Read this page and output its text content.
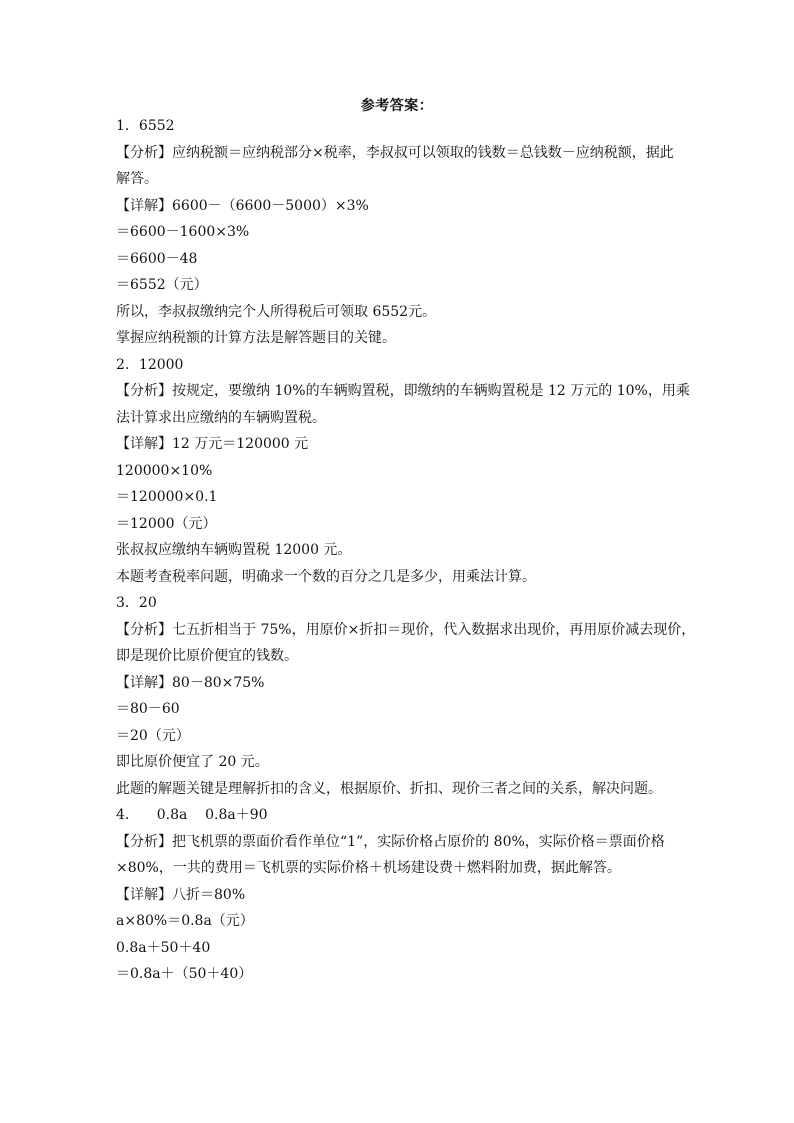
参考答案：
1．6552
【分析】应纳税额＝应纳税部分×税率，李叔叔可以领取的钱数＝总钱数－应纳税额，据此
解答。
【详解】6600－（6600－5000）×3%
＝6600－1600×3%
＝6600－48
＝6552（元）
所以，李叔叔缴纳完个人所得税后可领取 6552元。
掌握应纳税额的计算方法是解答题目的关键。
2．12000
【分析】按规定，要缴纳 10%的车辆购置税，即缴纳的车辆购置税是 12 万元的 10%，用乘
法计算求出应缴纳的车辆购置税。
【详解】12 万元＝120000 元
120000×10%
＝120000×0.1
＝12000（元）
张叔叔应缴纳车辆购置税 12000 元。
本题考查税率问题，明确求一个数的百分之几是多少，用乘法计算。
3．20
【分析】七五折相当于 75%，用原价×折扣＝现价，代入数据求出现价，再用原价减去现价，
即是现价比原价便宜的钱数。
【详解】80－80×75%
＝80－60
＝20（元）
即比原价便宜了 20 元。
此题的解题关键是理解折扣的含义，根据原价、折扣、现价三者之间的关系，解决问题。
4．    0.8a    0.8a＋90
【分析】把飞机票的票面价看作单位“1”，实际价格占原价的 80%，实际价格＝票面价格
×80%，一共的费用＝飞机票的实际价格＋机场建设费＋燃料附加费，据此解答。
【详解】八折＝80%
a×80%＝0.8a（元）
0.8a＋50＋40
＝0.8a＋（50＋40）
